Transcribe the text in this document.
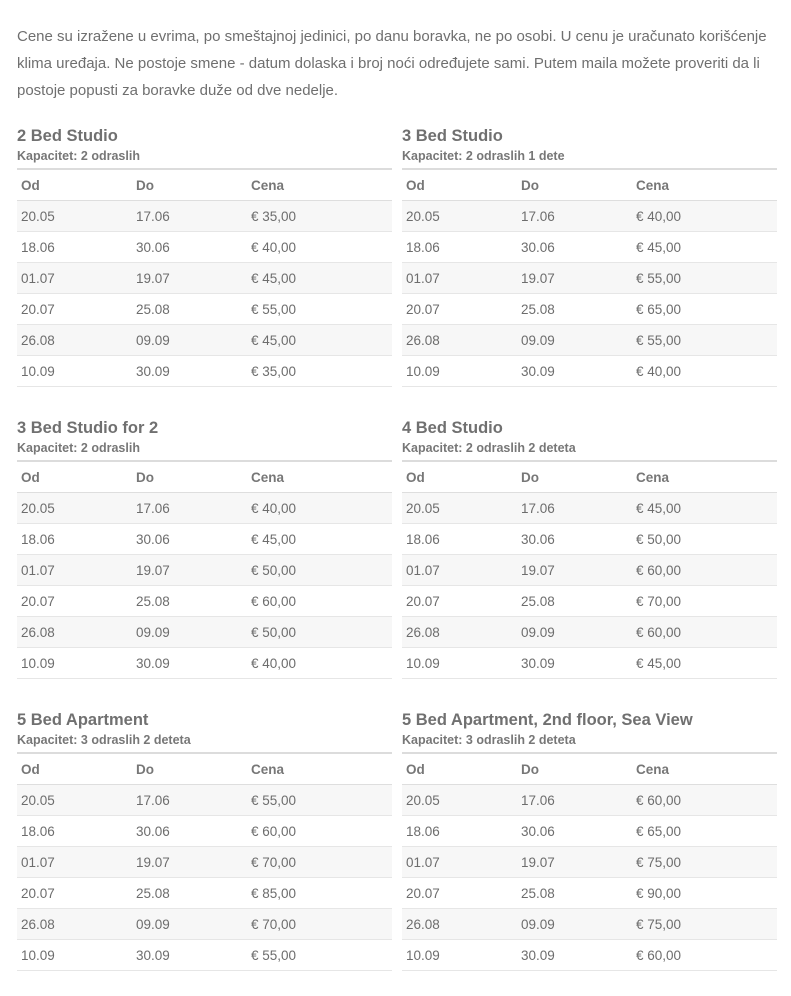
Cene su izražene u evrima, po smeštajnoj jedinici, po danu boravka, ne po osobi. U cenu je uračunato korišćenje klima uređaja. Ne postoje smene - datum dolaska i broj noći određujete sami. Putem maila možete proveriti da li postoje popusti za boravke duže od dve nedelje.

2 Bed Studio
Kapacitet: 2 odraslih
Od	Do	Cena
20.05	17.06	€ 35,00
18.06	30.06	€ 40,00
01.07	19.07	€ 45,00
20.07	25.08	€ 55,00
26.08	09.09	€ 45,00
10.09	30.09	€ 35,00
3 Bed Studio
Kapacitet: 2 odraslih 1 dete
Od	Do	Cena
20.05	17.06	€ 40,00
18.06	30.06	€ 45,00
01.07	19.07	€ 55,00
20.07	25.08	€ 65,00
26.08	09.09	€ 55,00
10.09	30.09	€ 40,00
3 Bed Studio for 2
Kapacitet: 2 odraslih
Od	Do	Cena
20.05	17.06	€ 40,00
18.06	30.06	€ 45,00
01.07	19.07	€ 50,00
20.07	25.08	€ 60,00
26.08	09.09	€ 50,00
10.09	30.09	€ 40,00
4 Bed Studio
Kapacitet: 2 odraslih 2 deteta
Od	Do	Cena
20.05	17.06	€ 45,00
18.06	30.06	€ 50,00
01.07	19.07	€ 60,00
20.07	25.08	€ 70,00
26.08	09.09	€ 60,00
10.09	30.09	€ 45,00
5 Bed Apartment
Kapacitet: 3 odraslih 2 deteta
Od	Do	Cena
20.05	17.06	€ 55,00
18.06	30.06	€ 60,00
01.07	19.07	€ 70,00
20.07	25.08	€ 85,00
26.08	09.09	€ 70,00
10.09	30.09	€ 55,00
5 Bed Apartment, 2nd floor, Sea View
Kapacitet: 3 odraslih 2 deteta
Od	Do	Cena
20.05	17.06	€ 60,00
18.06	30.06	€ 65,00
01.07	19.07	€ 75,00
20.07	25.08	€ 90,00
26.08	09.09	€ 75,00
10.09	30.09	€ 60,00
